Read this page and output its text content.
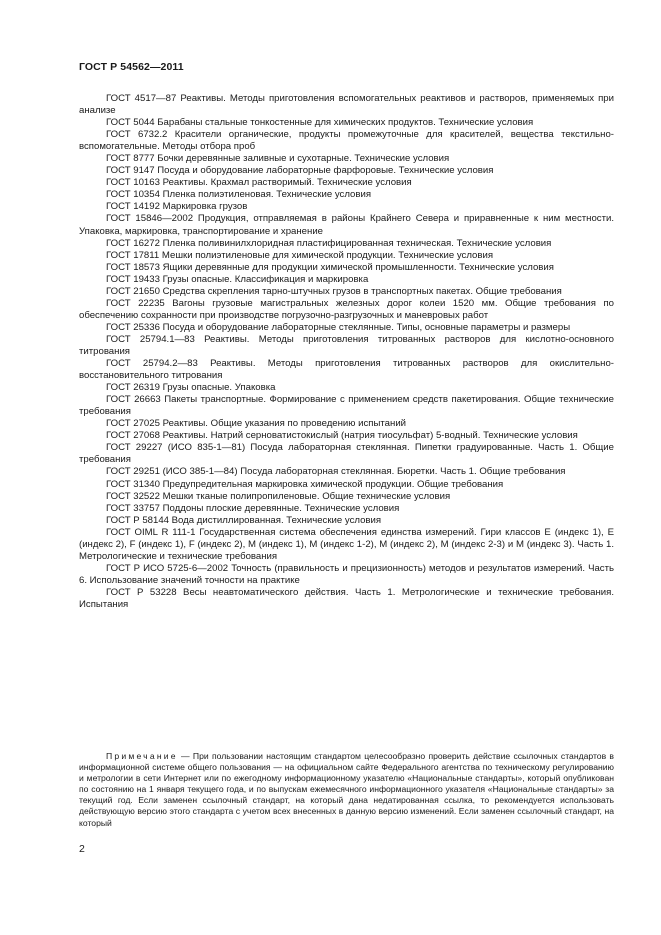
ГОСТ Р 54562—2011

ГОСТ 4517—87 Реактивы. Методы приготовления вспомогательных реактивов и растворов, применяемых при анализе

ГОСТ 5044 Барабаны стальные тонкостенные для химических продуктов. Технические условия

ГОСТ 6732.2 Красители органические, продукты промежуточные для красителей, вещества текстильно-вспомогательные. Методы отбора проб

ГОСТ 8777 Бочки деревянные заливные и сухотарные. Технические условия

ГОСТ 9147 Посуда и оборудование лабораторные фарфоровые. Технические условия

ГОСТ 10163 Реактивы. Крахмал растворимый. Технические условия

ГОСТ 10354 Пленка полиэтиленовая. Технические условия

ГОСТ 14192 Маркировка грузов

ГОСТ 15846—2002 Продукция, отправляемая в районы Крайнего Севера и приравненные к ним местности. Упаковка, маркировка, транспортирование и хранение

ГОСТ 16272 Пленка поливинилхлоридная пластифицированная техническая. Технические условия

ГОСТ 17811 Мешки полиэтиленовые для химической продукции. Технические условия

ГОСТ 18573 Ящики деревянные для продукции химической промышленности. Технические условия

ГОСТ 19433 Грузы опасные. Классификация и маркировка

ГОСТ 21650 Средства скрепления тарно-штучных грузов в транспортных пакетах. Общие требования

ГОСТ 22235 Вагоны грузовые магистральных железных дорог колеи 1520 мм. Общие требования по обеспечению сохранности при производстве погрузочно-разгрузочных и маневровых работ

ГОСТ 25336 Посуда и оборудование лабораторные стеклянные. Типы, основные параметры и размеры

ГОСТ 25794.1—83 Реактивы. Методы приготовления титрованных растворов для кислотно-основного титрования

ГОСТ 25794.2—83 Реактивы. Методы приготовления титрованных растворов для окислительно-восстановительного титрования

ГОСТ 26319 Грузы опасные. Упаковка

ГОСТ 26663 Пакеты транспортные. Формирование с применением средств пакетирования. Общие технические требования

ГОСТ 27025 Реактивы. Общие указания по проведению испытаний

ГОСТ 27068 Реактивы. Натрий серноватистокислый (натрия тиосульфат) 5-водный. Технические условия

ГОСТ 29227 (ИСО 835-1—81) Посуда лабораторная стеклянная. Пипетки градуированные. Часть 1. Общие требования

ГОСТ 29251 (ИСО 385-1—84) Посуда лабораторная стеклянная. Бюретки. Часть 1. Общие требования

ГОСТ 31340 Предупредительная маркировка химической продукции. Общие требования

ГОСТ 32522 Мешки тканые полипропиленовые. Общие технические условия

ГОСТ 33757 Поддоны плоские деревянные. Технические условия

ГОСТ Р 58144 Вода дистиллированная. Технические условия

ГОСТ OIML R 111-1 Государственная система обеспечения единства измерений. Гири классов E (индекс 1), E (индекс 2), F (индекс 1), F (индекс 2), M (индекс 1), M (индекс 1-2), M (индекс 2), M (индекс 2-3) и M (индекс 3). Часть 1. Метрологические и технические требования

ГОСТ Р ИСО 5725-6—2002 Точность (правильность и прецизионность) методов и результатов измерений. Часть 6. Использование значений точности на практике

ГОСТ Р 53228 Весы неавтоматического действия. Часть 1. Метрологические и технические требования. Испытания

Примечание — При пользовании настоящим стандартом целесообразно проверить действие ссылочных стандартов в информационной системе общего пользования — на официальном сайте Федерального агентства по техническому регулированию и метрологии в сети Интернет или по ежегодному информационному указателю «Национальные стандарты», который опубликован по состоянию на 1 января текущего года, и по выпускам ежемесячного информационного указателя «Национальные стандарты» за текущий год. Если заменен ссылочный стандарт, на который дана недатированная ссылка, то рекомендуется использовать действующую версию этого стандарта с учетом всех внесенных в данную версию изменений. Если заменен ссылочный стандарт, на который

2
